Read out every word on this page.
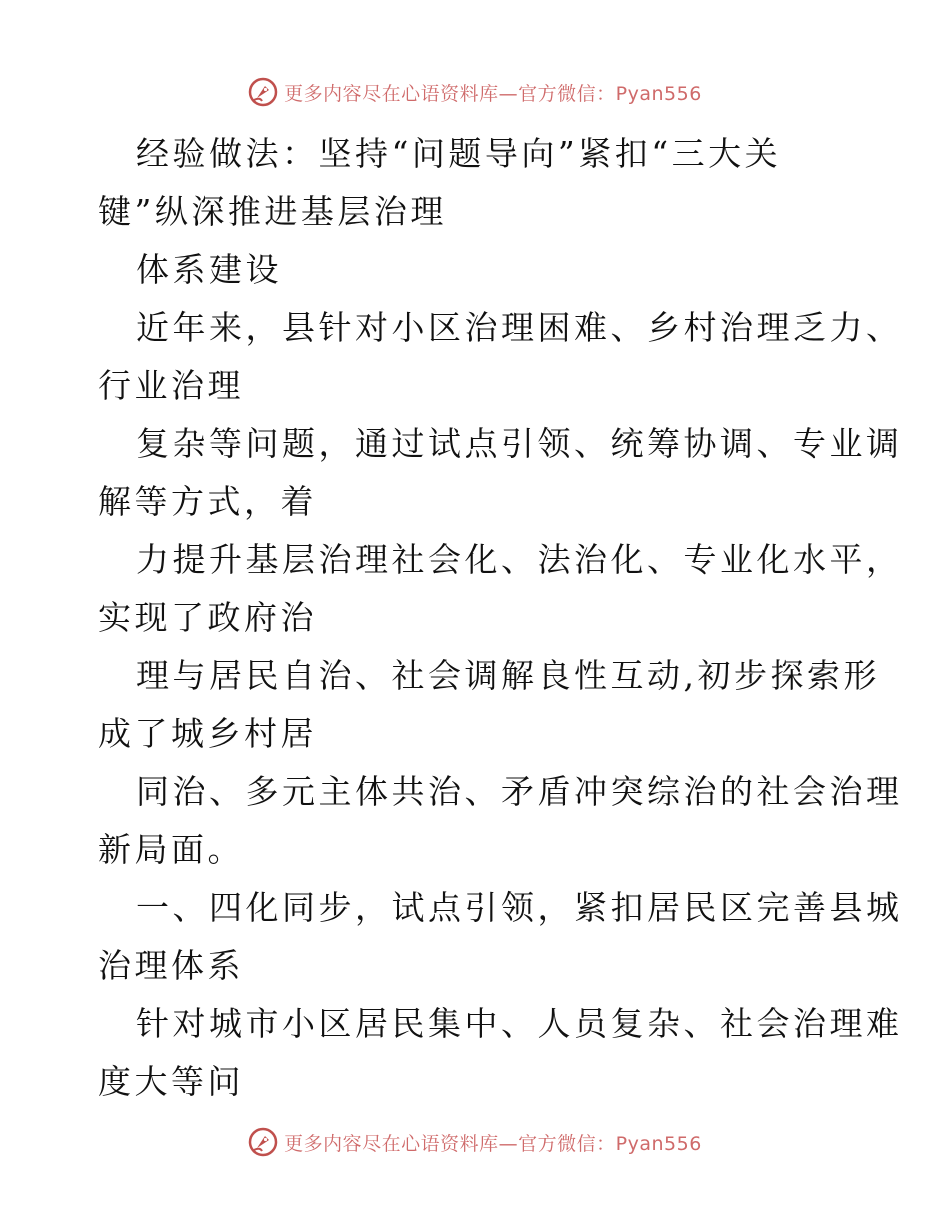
更多内容尽在心语资料库—官方微信：Pyan556

经验做法：坚持“问题导向”紧扣“三大关
键”纵深推进基层治理

体系建设

近年来，县针对小区治理困难、乡村治理乏力、
行业治理

复杂等问题，通过试点引领、统筹协调、专业调
解等方式，着

力提升基层治理社会化、法治化、专业化水平，
实现了政府治

理与居民自治、社会调解良性互动,初步探索形
成了城乡村居

同治、多元主体共治、矛盾冲突综治的社会治理
新局面。

一、四化同步，试点引领，紧扣居民区完善县城
治理体系

针对城市小区居民集中、人员复杂、社会治理难
度大等问

更多内容尽在心语资料库—官方微信：Pyan556
